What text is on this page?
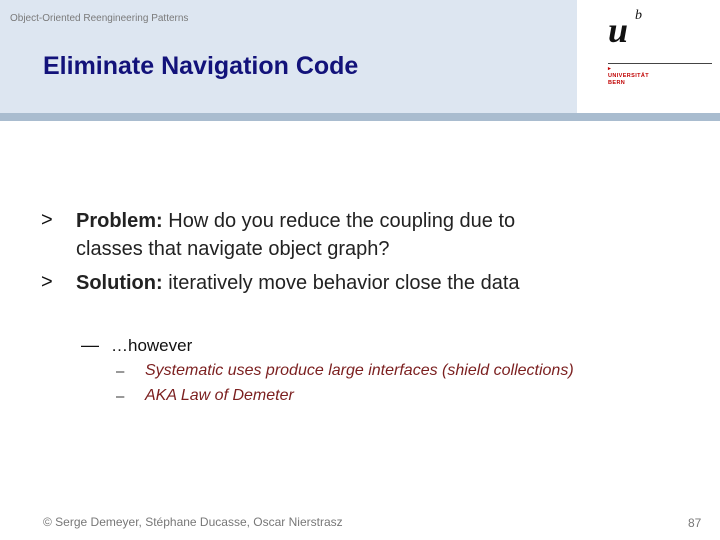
Object-Oriented Reengineering Patterns
Eliminate Navigation Code
u b
▸
UNIVERSITÄT
BERN
> Problem: How do you reduce the coupling due to
classes that navigate object graph?
> Solution: iteratively move behavior close the data
— …however
– Systematic uses produce large interfaces (shield collections)
– AKA Law of Demeter
© Serge Demeyer, Stéphane Ducasse, Oscar Nierstrasz	87
